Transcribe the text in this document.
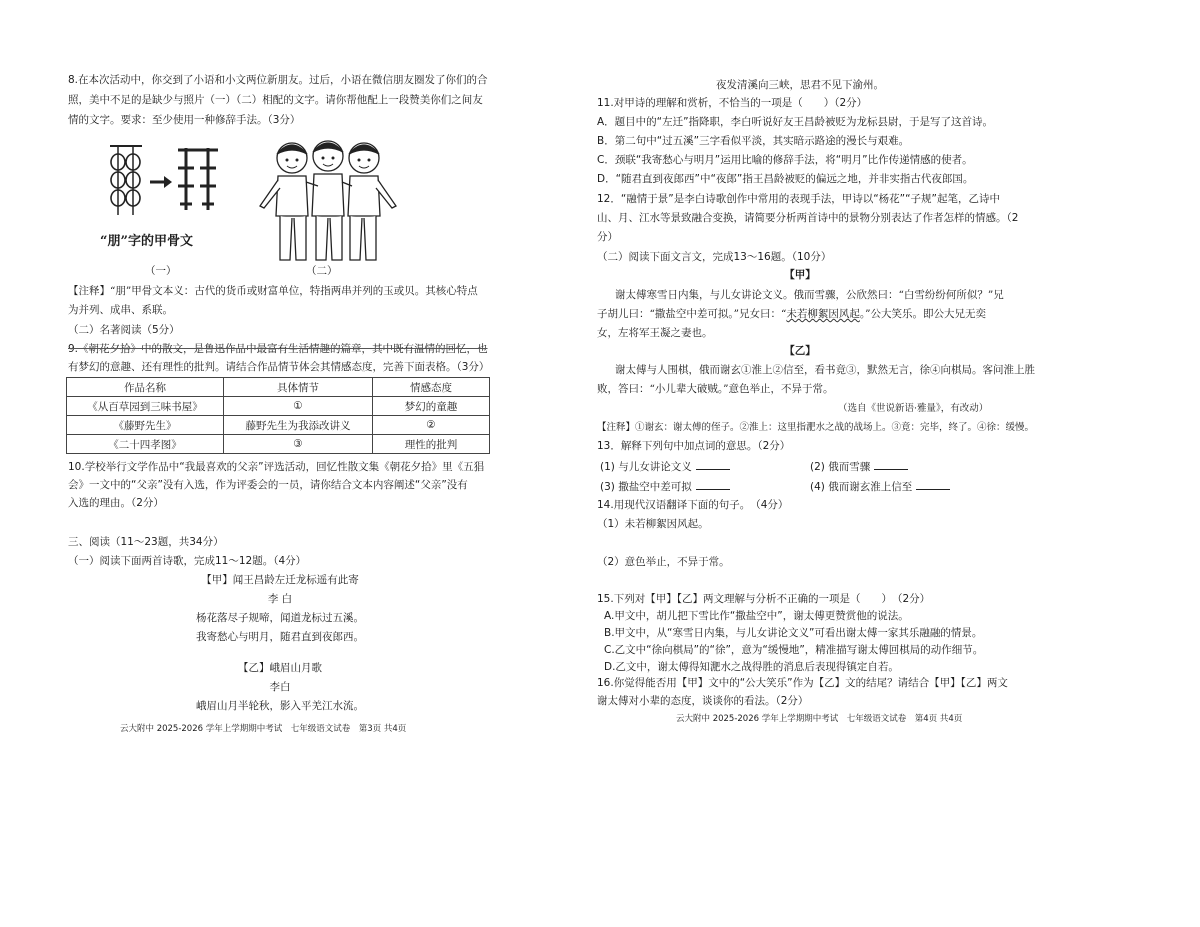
8.在本次活动中，你交到了小语和小文两位新朋友。过后，小语在微信朋友圈发了你们的合
照，美中不足的是缺少与照片（一）（二）相配的文字。请你帮他配上一段赞美你们之间友
情的文字。要求：至少使用一种修辞手法。（3分）
“朋”字的甲骨文
（一）	（二）
【注释】“朋”甲骨文本义：古代的货币或财富单位，特指两串并列的玉或贝。其核心特点
为并列、成串、系联。
（二）名著阅读（5分）
9.《朝花夕拾》中的散文，是鲁迅作品中最富有生活情趣的篇章，其中既有温情的回忆，也
有梦幻的意趣、还有理性的批判。请结合作品情节体会其情感态度，完善下面表格。（3分）
作品名称	具体情节	情感态度
《从百草园到三味书屋》	①	梦幻的童趣
《藤野先生》	藤野先生为我添改讲义	②
《二十四孝图》	③	理性的批判
10.学校举行文学作品中“我最喜欢的父亲”评选活动，回忆性散文集《朝花夕拾》里《五猖
会》一文中的“父亲”没有入选，作为评委会的一员，请你结合文本内容阐述“父亲”没有
入选的理由。（2分）
三、阅读（11～23题，共34分）
（一）阅读下面两首诗歌，完成11～12题。（4分）
【甲】闻王昌龄左迁龙标遥有此寄
李 白
杨花落尽子规啼，闻道龙标过五溪。
我寄愁心与明月，随君直到夜郎西。
【乙】峨眉山月歌
李白
峨眉山月半轮秋，影入平羌江水流。
云大附中 2025-2026 学年上学期期中考试　七年级语文试卷　第3页 共4页
夜发清溪向三峡，思君不见下渝州。
11.对甲诗的理解和赏析，不恰当的一项是（　　）（2分）
A．题目中的“左迁”指降职，李白听说好友王昌龄被贬为龙标县尉，于是写了这首诗。
B．第二句中“过五溪”三字看似平淡，其实暗示路途的漫长与艰难。
C．颈联“我寄愁心与明月”运用比喻的修辞手法，将“明月”比作传递情感的使者。
D．“随君直到夜郎西”中“夜郎”指王昌龄被贬的偏远之地，并非实指古代夜郎国。
12．“融情于景”是李白诗歌创作中常用的表现手法，甲诗以“杨花”“子规”起笔，乙诗中
山、月、江水等景致融合变换，请简要分析两首诗中的景物分别表达了作者怎样的情感。（2
分）
（二）阅读下面文言文，完成13～16题。（10分）
【甲】
谢太傅寒雪日内集，与儿女讲论文义。俄而雪骤，公欣然曰：“白雪纷纷何所似？”兄
子胡儿曰：“撒盐空中差可拟。”兄女曰：“未若柳絮因风起。”公大笑乐。即公大兄无奕
女，左将军王凝之妻也。
【乙】
谢太傅与人围棋，俄而谢玄①淮上②信至，看书竟③，默然无言，徐④向棋局。客问淮上胜
败，答曰：“小儿辈大破贼。”意色举止，不异于常。
（选自《世说新语·雅量》，有改动）
【注释】①谢玄：谢太傅的侄子。②淮上：这里指淝水之战的战场上。③竟：完毕，终了。④徐：缓慢。
13．解释下列句中加点词的意思。（2分）
(1) 与儿女讲论文义	(2) 俄而雪骤
(3) 撒盐空中差可拟	(4) 俄而谢玄淮上信至
14.用现代汉语翻译下面的句子。　（4分）
（1）未若柳絮因风起。
（2）意色举止，不异于常。
15.下列对【甲】【乙】两文理解与分析不正确的一项是（　　）　（2分）
A.甲文中，胡儿把下雪比作“撒盐空中”，谢太傅更赞赏他的说法。
B.甲文中，从“寒雪日内集，与儿女讲论文义”可看出谢太傅一家其乐融融的情景。
C.乙文中“徐向棋局”的“徐”，意为“缓慢地”，精准描写谢太傅回棋局的动作细节。
D.乙文中，谢太傅得知淝水之战得胜的消息后表现得镇定自若。
16.你觉得能否用【甲】文中的“公大笑乐”作为【乙】文的结尾？请结合【甲】【乙】两文
谢太傅对小辈的态度，谈谈你的看法。（2分）
云大附中 2025-2026 学年上学期期中考试　七年级语文试卷　第4页 共4页
